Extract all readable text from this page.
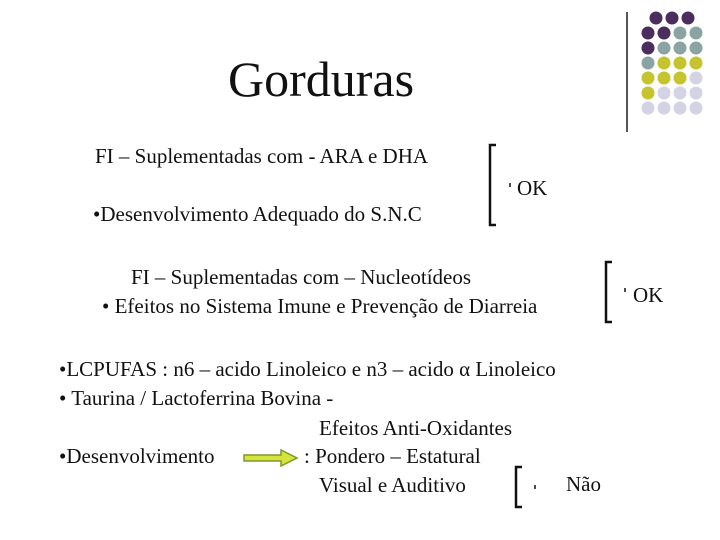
Gorduras
FI – Suplementadas com - ARA e DHA
•Desenvolvimento Adequado do S.N.C
OK
FI – Suplementadas com – Nucleotídeos
• Efeitos no Sistema Imune e Prevenção de Diarreia	OK
•LCPUFAS : n6 – acido Linoleico e n3 – acido α Linoleico
• Taurina / Lactoferrina Bovina -
Efeitos Anti-Oxidantes
•Desenvolvimento	: Pondero – Estatural
Visual e Auditivo	Não
